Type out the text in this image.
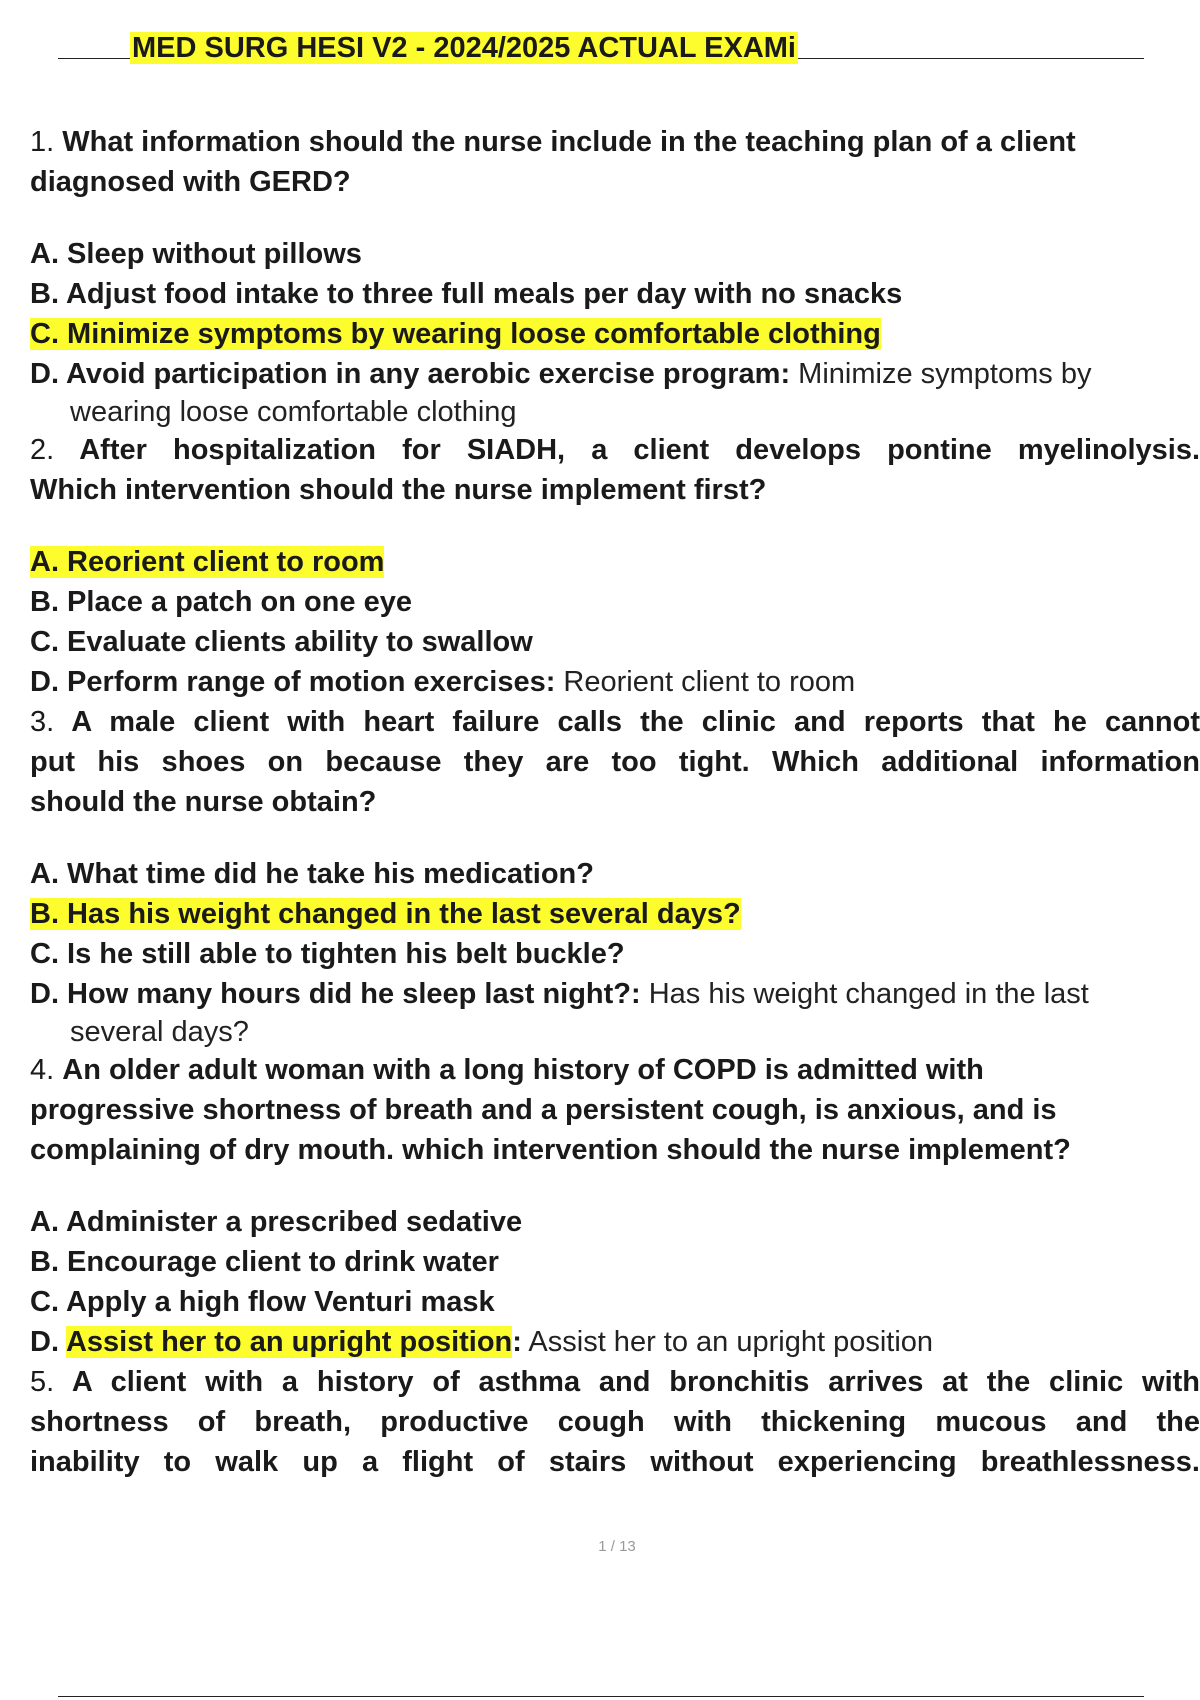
MED SURG HESI V2 - 2024/2025 ACTUAL EXAMi
1. What information should the nurse include in the teaching plan of a client
diagnosed with GERD?
A. Sleep without pillows
B. Adjust food intake to three full meals per day with no snacks
C. Minimize symptoms by wearing loose comfortable clothing
D. Avoid participation in any aerobic exercise program: Minimize symptoms by
wearing loose comfortable clothing
2. After hospitalization for SIADH, a client develops pontine myelinolysis.
Which intervention should the nurse implement first?
A. Reorient client to room
B. Place a patch on one eye
C. Evaluate clients ability to swallow
D. Perform range of motion exercises: Reorient client to room
3. A male client with heart failure calls the clinic and reports that he cannot
put his shoes on because they are too tight. Which additional information
should the nurse obtain?
A. What time did he take his medication?
B. Has his weight changed in the last several days?
C. Is he still able to tighten his belt buckle?
D. How many hours did he sleep last night?: Has his weight changed in the last
several days?
4. An older adult woman with a long history of COPD is admitted with
progressive shortness of breath and a persistent cough, is anxious, and is
complaining of dry mouth. which intervention should the nurse implement?
A. Administer a prescribed sedative
B. Encourage client to drink water
C. Apply a high flow Venturi mask
D. Assist her to an upright position: Assist her to an upright position
5. A client with a history of asthma and bronchitis arrives at the clinic with
shortness of breath, productive cough with thickening mucous and the
inability to walk up a flight of stairs without experiencing breathlessness.
1 / 13
